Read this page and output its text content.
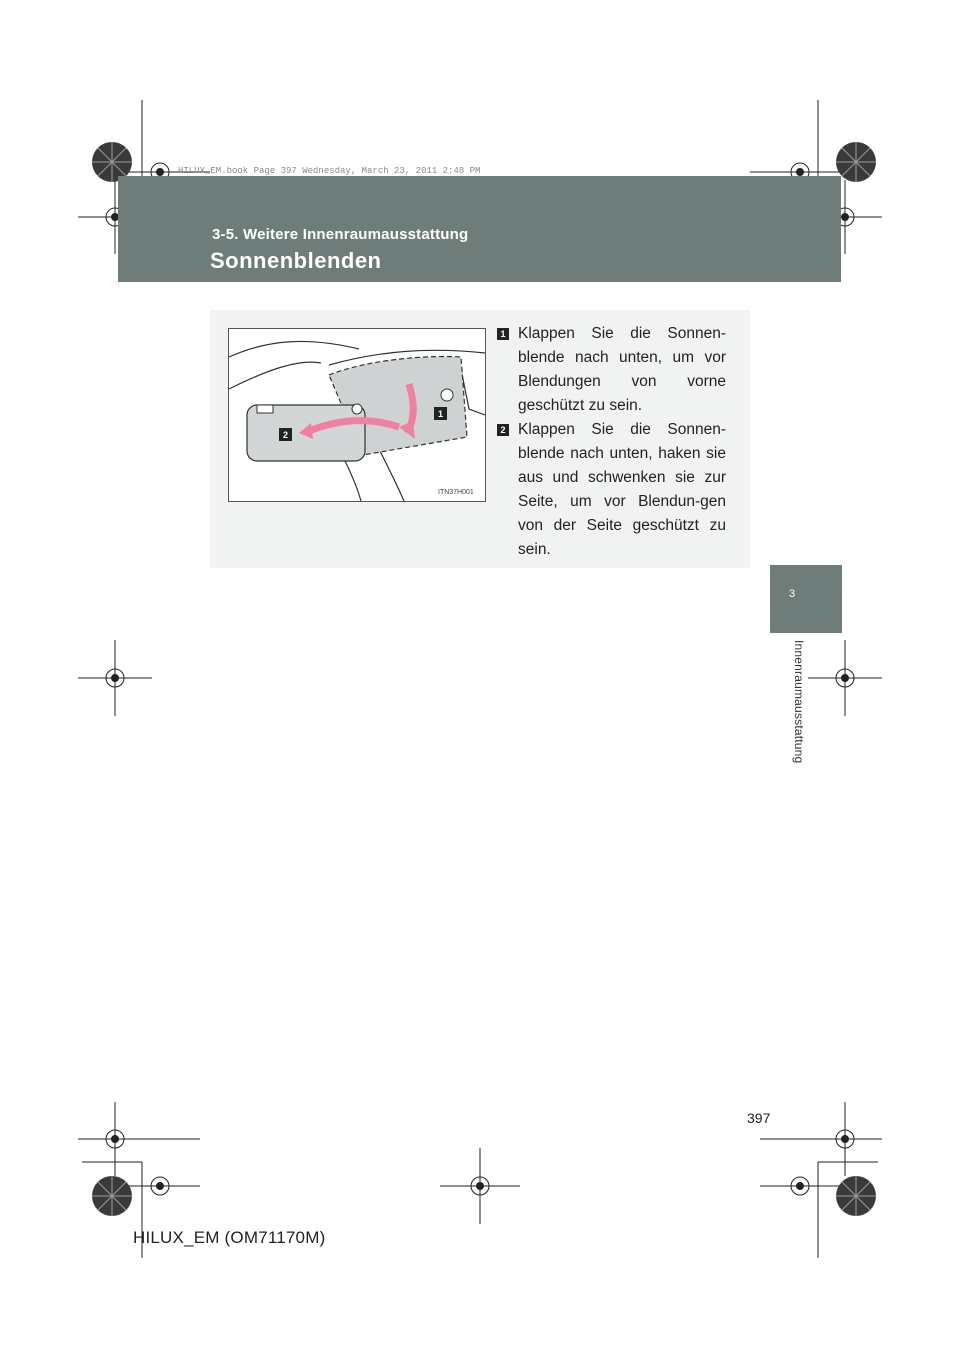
HILUX_EM.book Page 397 Wednesday, March 23, 2011 2:48 PM
3-5. Weitere Innenraumausstattung
Sonnenblenden
3
Innenraumausstattung
1
2
ITN37H001
1 Klappen Sie die Sonnen-blende nach unten, um vor Blendungen von vorne geschützt zu sein.
2 Klappen Sie die Sonnen-blende nach unten, haken sie aus und schwenken sie zur Seite, um vor Blendun-gen von der Seite geschützt zu sein.
397
HILUX_EM (OM71170M)
